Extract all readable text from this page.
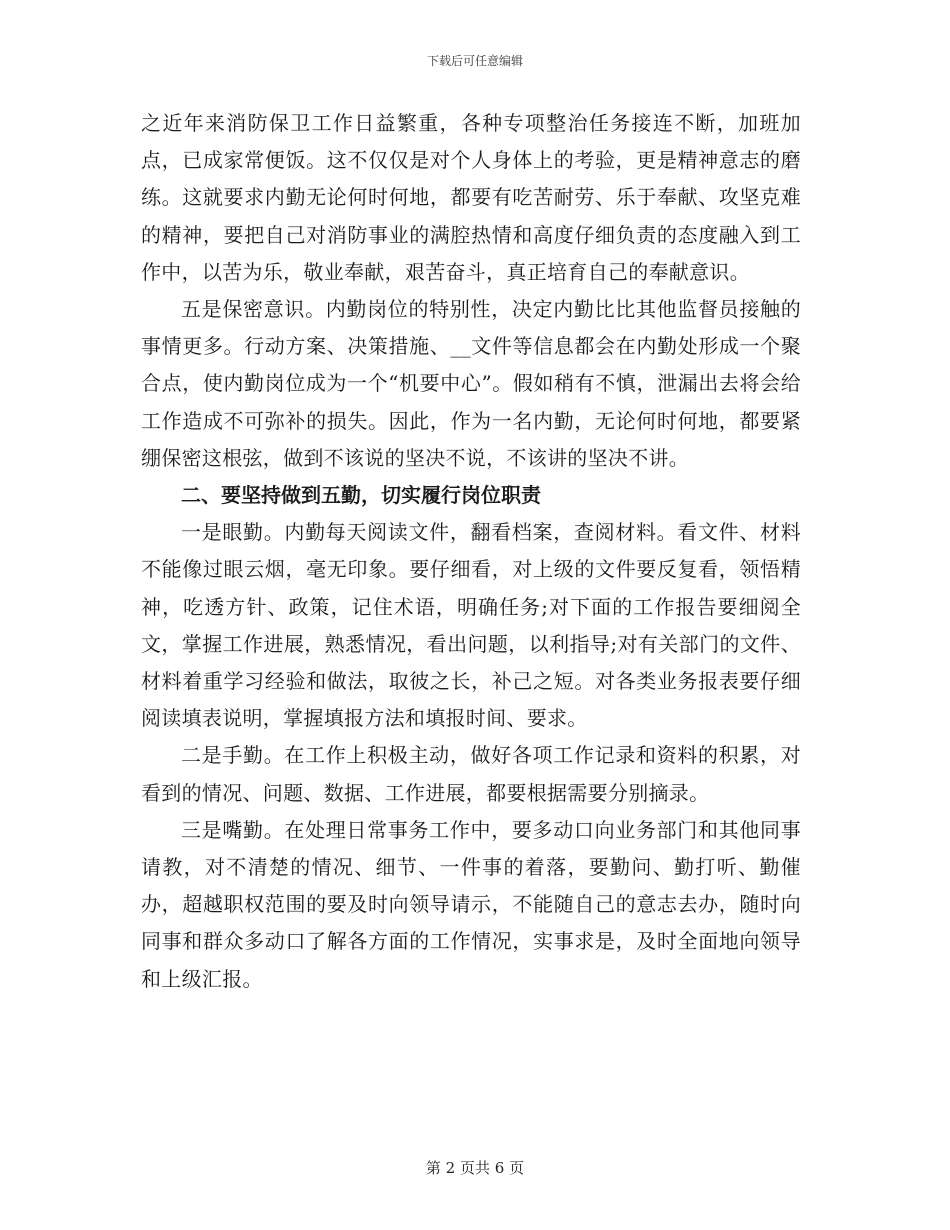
下载后可任意编辑

之近年来消防保卫工作日益繁重，各种专项整治任务接连不断，加班加点，已成家常便饭。这不仅仅是对个人身体上的考验，更是精神意志的磨练。这就要求内勤无论何时何地，都要有吃苦耐劳、乐于奉献、攻坚克难的精神，要把自己对消防事业的满腔热情和高度仔细负责的态度融入到工作中，以苦为乐，敬业奉献，艰苦奋斗，真正培育自己的奉献意识。

五是保密意识。内勤岗位的特别性，决定内勤比比其他监督员接触的事情更多。行动方案、决策措施、__文件等信息都会在内勤处形成一个聚合点，使内勤岗位成为一个“机要中心”。假如稍有不慎，泄漏出去将会给工作造成不可弥补的损失。因此，作为一名内勤，无论何时何地，都要紧绷保密这根弦，做到不该说的坚决不说，不该讲的坚决不讲。

二、要坚持做到五勤，切实履行岗位职责

一是眼勤。内勤每天阅读文件，翻看档案，查阅材料。看文件、材料不能像过眼云烟，毫无印象。要仔细看，对上级的文件要反复看，领悟精神，吃透方针、政策，记住术语，明确任务;对下面的工作报告要细阅全文，掌握工作进展，熟悉情况，看出问题，以利指导;对有关部门的文件、材料着重学习经验和做法，取彼之长，补己之短。对各类业务报表要仔细阅读填表说明，掌握填报方法和填报时间、要求。

二是手勤。在工作上积极主动，做好各项工作记录和资料的积累，对看到的情况、问题、数据、工作进展，都要根据需要分别摘录。

三是嘴勤。在处理日常事务工作中，要多动口向业务部门和其他同事请教，对不清楚的情况、细节、一件事的着落，要勤问、勤打听、勤催办，超越职权范围的要及时向领导请示，不能随自己的意志去办，随时向同事和群众多动口了解各方面的工作情况，实事求是，及时全面地向领导和上级汇报。

第 2 页共 6 页
